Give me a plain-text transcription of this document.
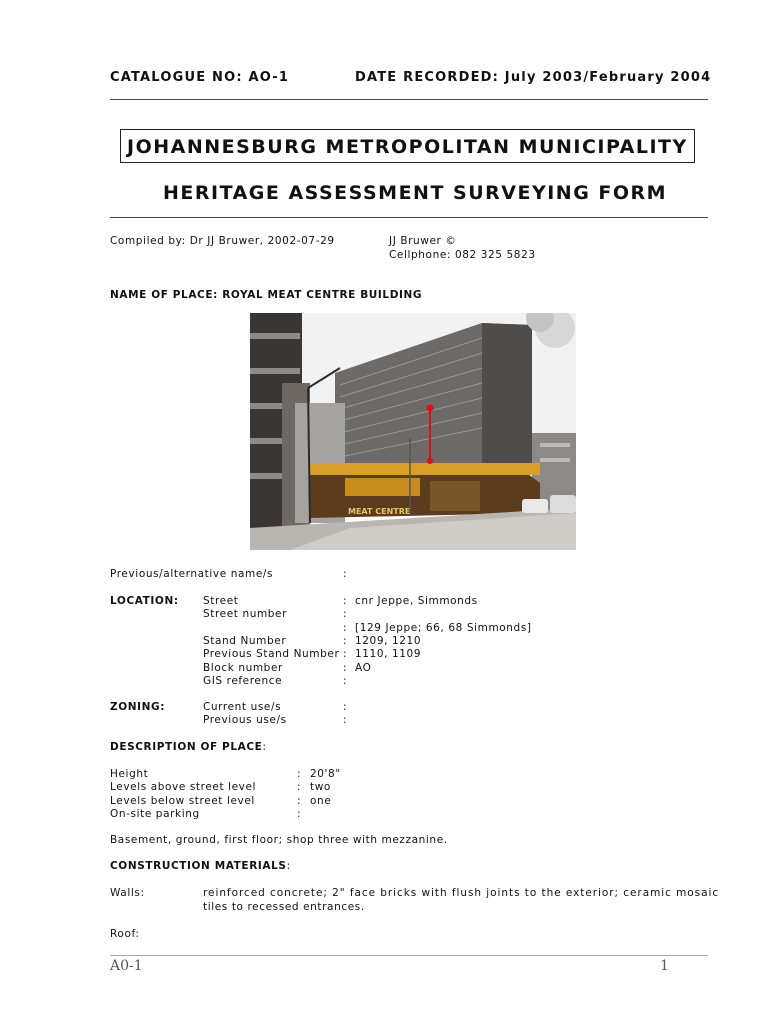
CATALOGUE NO: AO-1	DATE RECORDED: July 2003/February 2004
JOHANNESBURG METROPOLITAN MUNICIPALITY
HERITAGE ASSESSMENT SURVEYING FORM
Compiled by: Dr JJ Bruwer, 2002-07-29	JJ Bruwer ©
Cellphone: 082 325 5823
NAME OF PLACE: ROYAL MEAT CENTRE BUILDING
MEAT CENTRE
Previous/alternative name/s	:
LOCATION: Street	: cnr Jeppe, Simmonds
Street number	:
: [129 Jeppe; 66, 68 Simmonds]
Stand Number	: 1209, 1210
Previous Stand Number : 1110, 1109
Block number	: AO
GIS reference	:
ZONING:	Current use/s	:
Previous use/s	:
DESCRIPTION OF PLACE:
Height	: 20'8"
Levels above street level	: two
Levels below street level	: one
On-site parking	:
Basement, ground, first floor; shop three with mezzanine.
CONSTRUCTION MATERIALS:
Walls:	reinforced concrete; 2" face bricks with flush joints to the exterior; ceramic mosaic
tiles to recessed entrances.
Roof:
A0-1	1
